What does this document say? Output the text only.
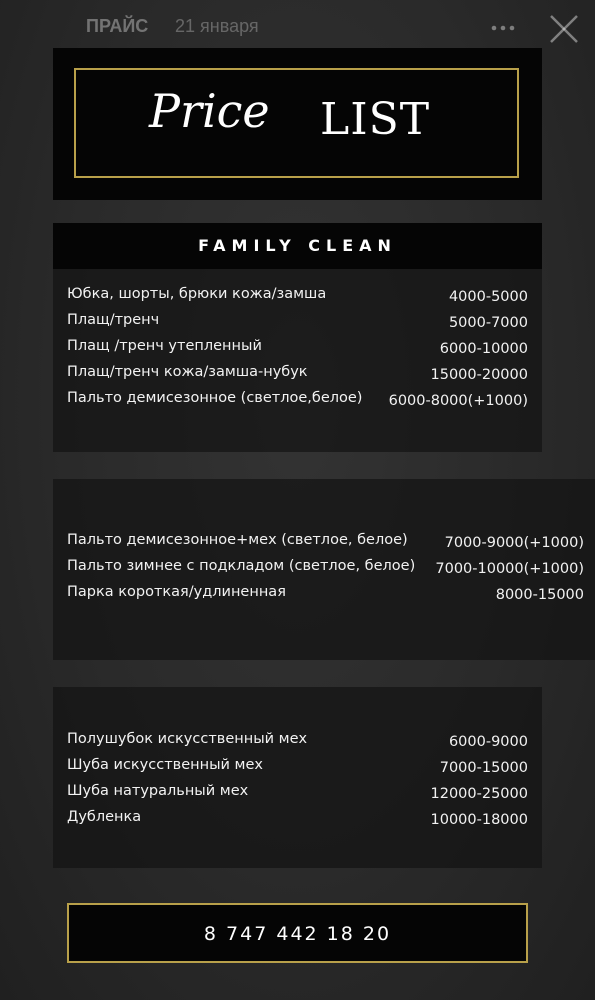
ПРАЙС 21 января
Price LIST
FAMILY CLEAN
Юбка, шорты, брюки кожа/замша	4000-5000
Плащ/тренч	5000-7000
Плащ /тренч утепленный	6000-10000
Плащ/тренч кожа/замша-нубук	15000-20000
Пальто демисезонное (светлое,белое) 6000-8000(+1000)
Пальто демисезонное+мех (светлое, белое)	7000-9000(+1000)
Пальто зимнее с подкладом (светлое, белое) 7000-10000(+1000)
Парка короткая/удлиненная	8000-15000
Полушубок искусственный мех	6000-9000
Шуба искусственный мех	7000-15000
Шуба натуральный мех	12000-25000
Дубленка	10000-18000
8 747 442 18 20
